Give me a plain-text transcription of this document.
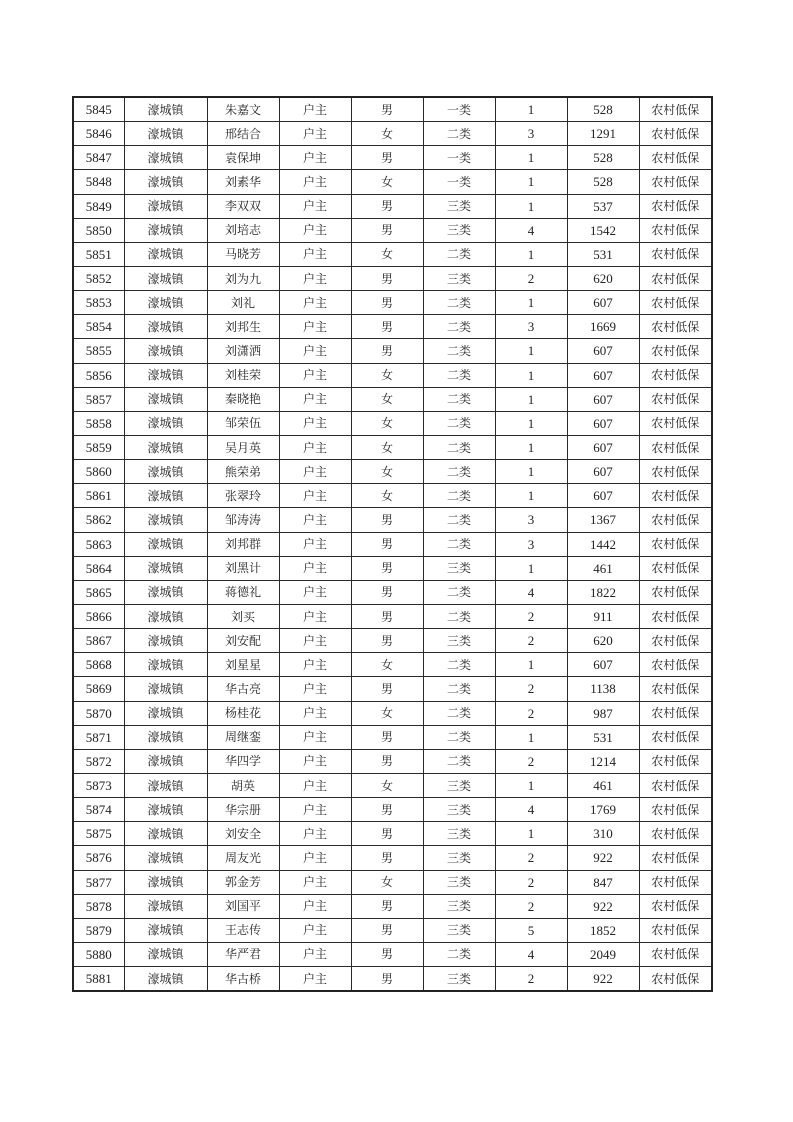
5845	濠城镇	朱嘉文	户主	男	一类	1	528	农村低保
5846	濠城镇	邢结合	户主	女	二类	3	1291	农村低保
5847	濠城镇	袁保坤	户主	男	一类	1	528	农村低保
5848	濠城镇	刘素华	户主	女	一类	1	528	农村低保
5849	濠城镇	李双双	户主	男	三类	1	537	农村低保
5850	濠城镇	刘培志	户主	男	三类	4	1542	农村低保
5851	濠城镇	马晓芳	户主	女	二类	1	531	农村低保
5852	濠城镇	刘为九	户主	男	三类	2	620	农村低保
5853	濠城镇	刘礼	户主	男	二类	1	607	农村低保
5854	濠城镇	刘邦生	户主	男	二类	3	1669	农村低保
5855	濠城镇	刘潇洒	户主	男	二类	1	607	农村低保
5856	濠城镇	刘桂荣	户主	女	二类	1	607	农村低保
5857	濠城镇	秦晓艳	户主	女	二类	1	607	农村低保
5858	濠城镇	邹荣伍	户主	女	二类	1	607	农村低保
5859	濠城镇	吴月英	户主	女	二类	1	607	农村低保
5860	濠城镇	熊荣弟	户主	女	二类	1	607	农村低保
5861	濠城镇	张翠玲	户主	女	二类	1	607	农村低保
5862	濠城镇	邹涛涛	户主	男	二类	3	1367	农村低保
5863	濠城镇	刘邦群	户主	男	二类	3	1442	农村低保
5864	濠城镇	刘黑计	户主	男	三类	1	461	农村低保
5865	濠城镇	蒋德礼	户主	男	二类	4	1822	农村低保
5866	濠城镇	刘买	户主	男	二类	2	911	农村低保
5867	濠城镇	刘安配	户主	男	三类	2	620	农村低保
5868	濠城镇	刘星星	户主	女	二类	1	607	农村低保
5869	濠城镇	华古亮	户主	男	二类	2	1138	农村低保
5870	濠城镇	杨桂花	户主	女	二类	2	987	农村低保
5871	濠城镇	周继銮	户主	男	二类	1	531	农村低保
5872	濠城镇	华四学	户主	男	二类	2	1214	农村低保
5873	濠城镇	胡英	户主	女	三类	1	461	农村低保
5874	濠城镇	华宗册	户主	男	三类	4	1769	农村低保
5875	濠城镇	刘安全	户主	男	三类	1	310	农村低保
5876	濠城镇	周友光	户主	男	三类	2	922	农村低保
5877	濠城镇	郭金芳	户主	女	三类	2	847	农村低保
5878	濠城镇	刘国平	户主	男	三类	2	922	农村低保
5879	濠城镇	王志传	户主	男	三类	5	1852	农村低保
5880	濠城镇	华严君	户主	男	二类	4	2049	农村低保
5881	濠城镇	华古桥	户主	男	三类	2	922	农村低保
